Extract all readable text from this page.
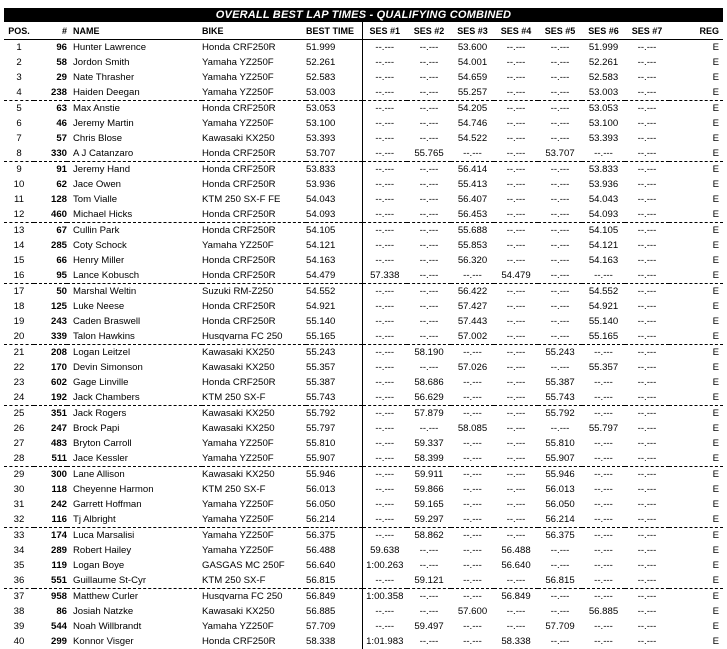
OVERALL BEST LAP TIMES - QUALIFYING COMBINED
POS.	#	NAME	BIKE	BEST TIME	SES #1	SES #2	SES #3	SES #4	SES #5	SES #6	SES #7	REG
1	96	Hunter Lawrence	Honda CRF250R	51.999	--.---	--.---	53.600	--.---	--.---	51.999	--.---	E
2	58	Jordon Smith	Yamaha YZ250F	52.261	--.---	--.---	54.001	--.---	--.---	52.261	--.---	E
3	29	Nate Thrasher	Yamaha YZ250F	52.583	--.---	--.---	54.659	--.---	--.---	52.583	--.---	E
4	238	Haiden Deegan	Yamaha YZ250F	53.003	--.---	--.---	55.257	--.---	--.---	53.003	--.---	E
5	63	Max Anstie	Honda CRF250R	53.053	--.---	--.---	54.205	--.---	--.---	53.053	--.---	E
6	46	Jeremy Martin	Yamaha YZ250F	53.100	--.---	--.---	54.746	--.---	--.---	53.100	--.---	E
7	57	Chris Blose	Kawasaki KX250	53.393	--.---	--.---	54.522	--.---	--.---	53.393	--.---	E
8	330	A J Catanzaro	Honda CRF250R	53.707	--.---	55.765	--.---	--.---	53.707	--.---	--.---	E
9	91	Jeremy Hand	Honda CRF250R	53.833	--.---	--.---	56.414	--.---	--.---	53.833	--.---	E
10	62	Jace Owen	Honda CRF250R	53.936	--.---	--.---	55.413	--.---	--.---	53.936	--.---	E
11	128	Tom Vialle	KTM 250 SX-F FE	54.043	--.---	--.---	56.407	--.---	--.---	54.043	--.---	E
12	460	Michael Hicks	Honda CRF250R	54.093	--.---	--.---	56.453	--.---	--.---	54.093	--.---	E
13	67	Cullin Park	Honda CRF250R	54.105	--.---	--.---	55.688	--.---	--.---	54.105	--.---	E
14	285	Coty Schock	Yamaha YZ250F	54.121	--.---	--.---	55.853	--.---	--.---	54.121	--.---	E
15	66	Henry Miller	Honda CRF250R	54.163	--.---	--.---	56.320	--.---	--.---	54.163	--.---	E
16	95	Lance Kobusch	Honda CRF250R	54.479	57.338	--.---	--.---	54.479	--.---	--.---	--.---	E
17	50	Marshal Weltin	Suzuki RM-Z250	54.552	--.---	--.---	56.422	--.---	--.---	54.552	--.---	E
18	125	Luke Neese	Honda CRF250R	54.921	--.---	--.---	57.427	--.---	--.---	54.921	--.---	E
19	243	Caden Braswell	Honda CRF250R	55.140	--.---	--.---	57.443	--.---	--.---	55.140	--.---	E
20	339	Talon Hawkins	Husqvarna FC 250	55.165	--.---	--.---	57.002	--.---	--.---	55.165	--.---	E
21	208	Logan Leitzel	Kawasaki KX250	55.243	--.---	58.190	--.---	--.---	55.243	--.---	--.---	E
22	170	Devin Simonson	Kawasaki KX250	55.357	--.---	--.---	57.026	--.---	--.---	55.357	--.---	E
23	602	Gage Linville	Honda CRF250R	55.387	--.---	58.686	--.---	--.---	55.387	--.---	--.---	E
24	192	Jack Chambers	KTM 250 SX-F	55.743	--.---	56.629	--.---	--.---	55.743	--.---	--.---	E
25	351	Jack Rogers	Kawasaki KX250	55.792	--.---	57.879	--.---	--.---	55.792	--.---	--.---	E
26	247	Brock Papi	Kawasaki KX250	55.797	--.---	--.---	58.085	--.---	--.---	55.797	--.---	E
27	483	Bryton Carroll	Yamaha YZ250F	55.810	--.---	59.337	--.---	--.---	55.810	--.---	--.---	E
28	511	Jace Kessler	Yamaha YZ250F	55.907	--.---	58.399	--.---	--.---	55.907	--.---	--.---	E
29	300	Lane Allison	Kawasaki KX250	55.946	--.---	59.911	--.---	--.---	55.946	--.---	--.---	E
30	118	Cheyenne Harmon	KTM 250 SX-F	56.013	--.---	59.866	--.---	--.---	56.013	--.---	--.---	E
31	242	Garrett Hoffman	Yamaha YZ250F	56.050	--.---	59.165	--.---	--.---	56.050	--.---	--.---	E
32	116	Tj Albright	Yamaha YZ250F	56.214	--.---	59.297	--.---	--.---	56.214	--.---	--.---	E
33	174	Luca Marsalisi	Yamaha YZ250F	56.375	--.---	58.862	--.---	--.---	56.375	--.---	--.---	E
34	289	Robert Hailey	Yamaha YZ250F	56.488	59.638	--.---	--.---	56.488	--.---	--.---	--.---	E
35	119	Logan Boye	GASGAS MC 250F	56.640	1:00.263	--.---	--.---	56.640	--.---	--.---	--.---	E
36	551	Guillaume St-Cyr	KTM 250 SX-F	56.815	--.---	59.121	--.---	--.---	56.815	--.---	--.---	E
37	958	Matthew Curler	Husqvarna FC 250	56.849	1:00.358	--.---	--.---	56.849	--.---	--.---	--.---	E
38	86	Josiah Natzke	Kawasaki KX250	56.885	--.---	--.---	57.600	--.---	--.---	56.885	--.---	E
39	544	Noah Willbrandt	Yamaha YZ250F	57.709	--.---	59.497	--.---	--.---	57.709	--.---	--.---	E
40	299	Konnor Visger	Honda CRF250R	58.338	1:01.983	--.---	--.---	58.338	--.---	--.---	--.---	E
